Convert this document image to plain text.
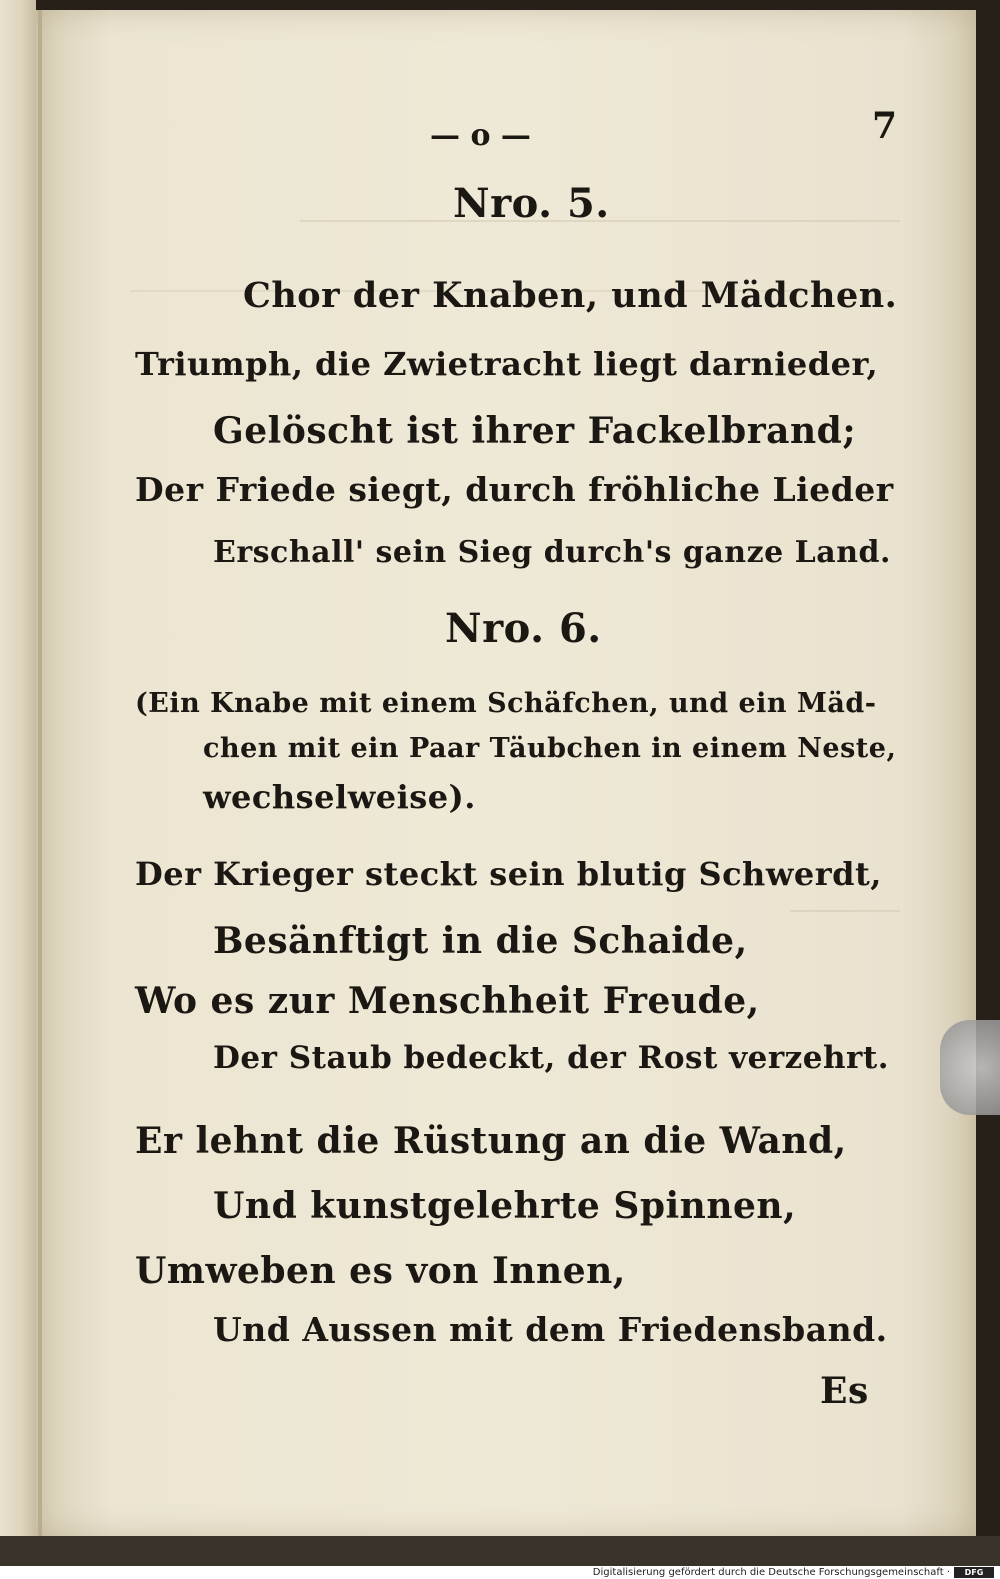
— o —	7
Nro. 5.
Chor der Knaben, und Mädchen.
Triumph, die Zwietracht liegt darnieder,
Gelöscht ist ihrer Fackelbrand;
Der Friede siegt, durch fröhliche Lieder
Erschall' sein Sieg durch's ganze Land.
Nro. 6.
(Ein Knabe mit einem Schäfchen, und ein Mäd-
chen mit ein Paar Täubchen in einem Neste,
wechselweise).
Der Krieger steckt sein blutig Schwerdt,
Besänftigt in die Schaide,
Wo es zur Menschheit Freude,
Der Staub bedeckt, der Rost verzehrt.
Er lehnt die Rüstung an die Wand,
Und kunstgelehrte Spinnen,
Umweben es von Innen,
Und Aussen mit dem Friedensband.
Es
Digitalisierung gefördert durch die Deutsche Forschungsgemeinschaft ·	DFG
